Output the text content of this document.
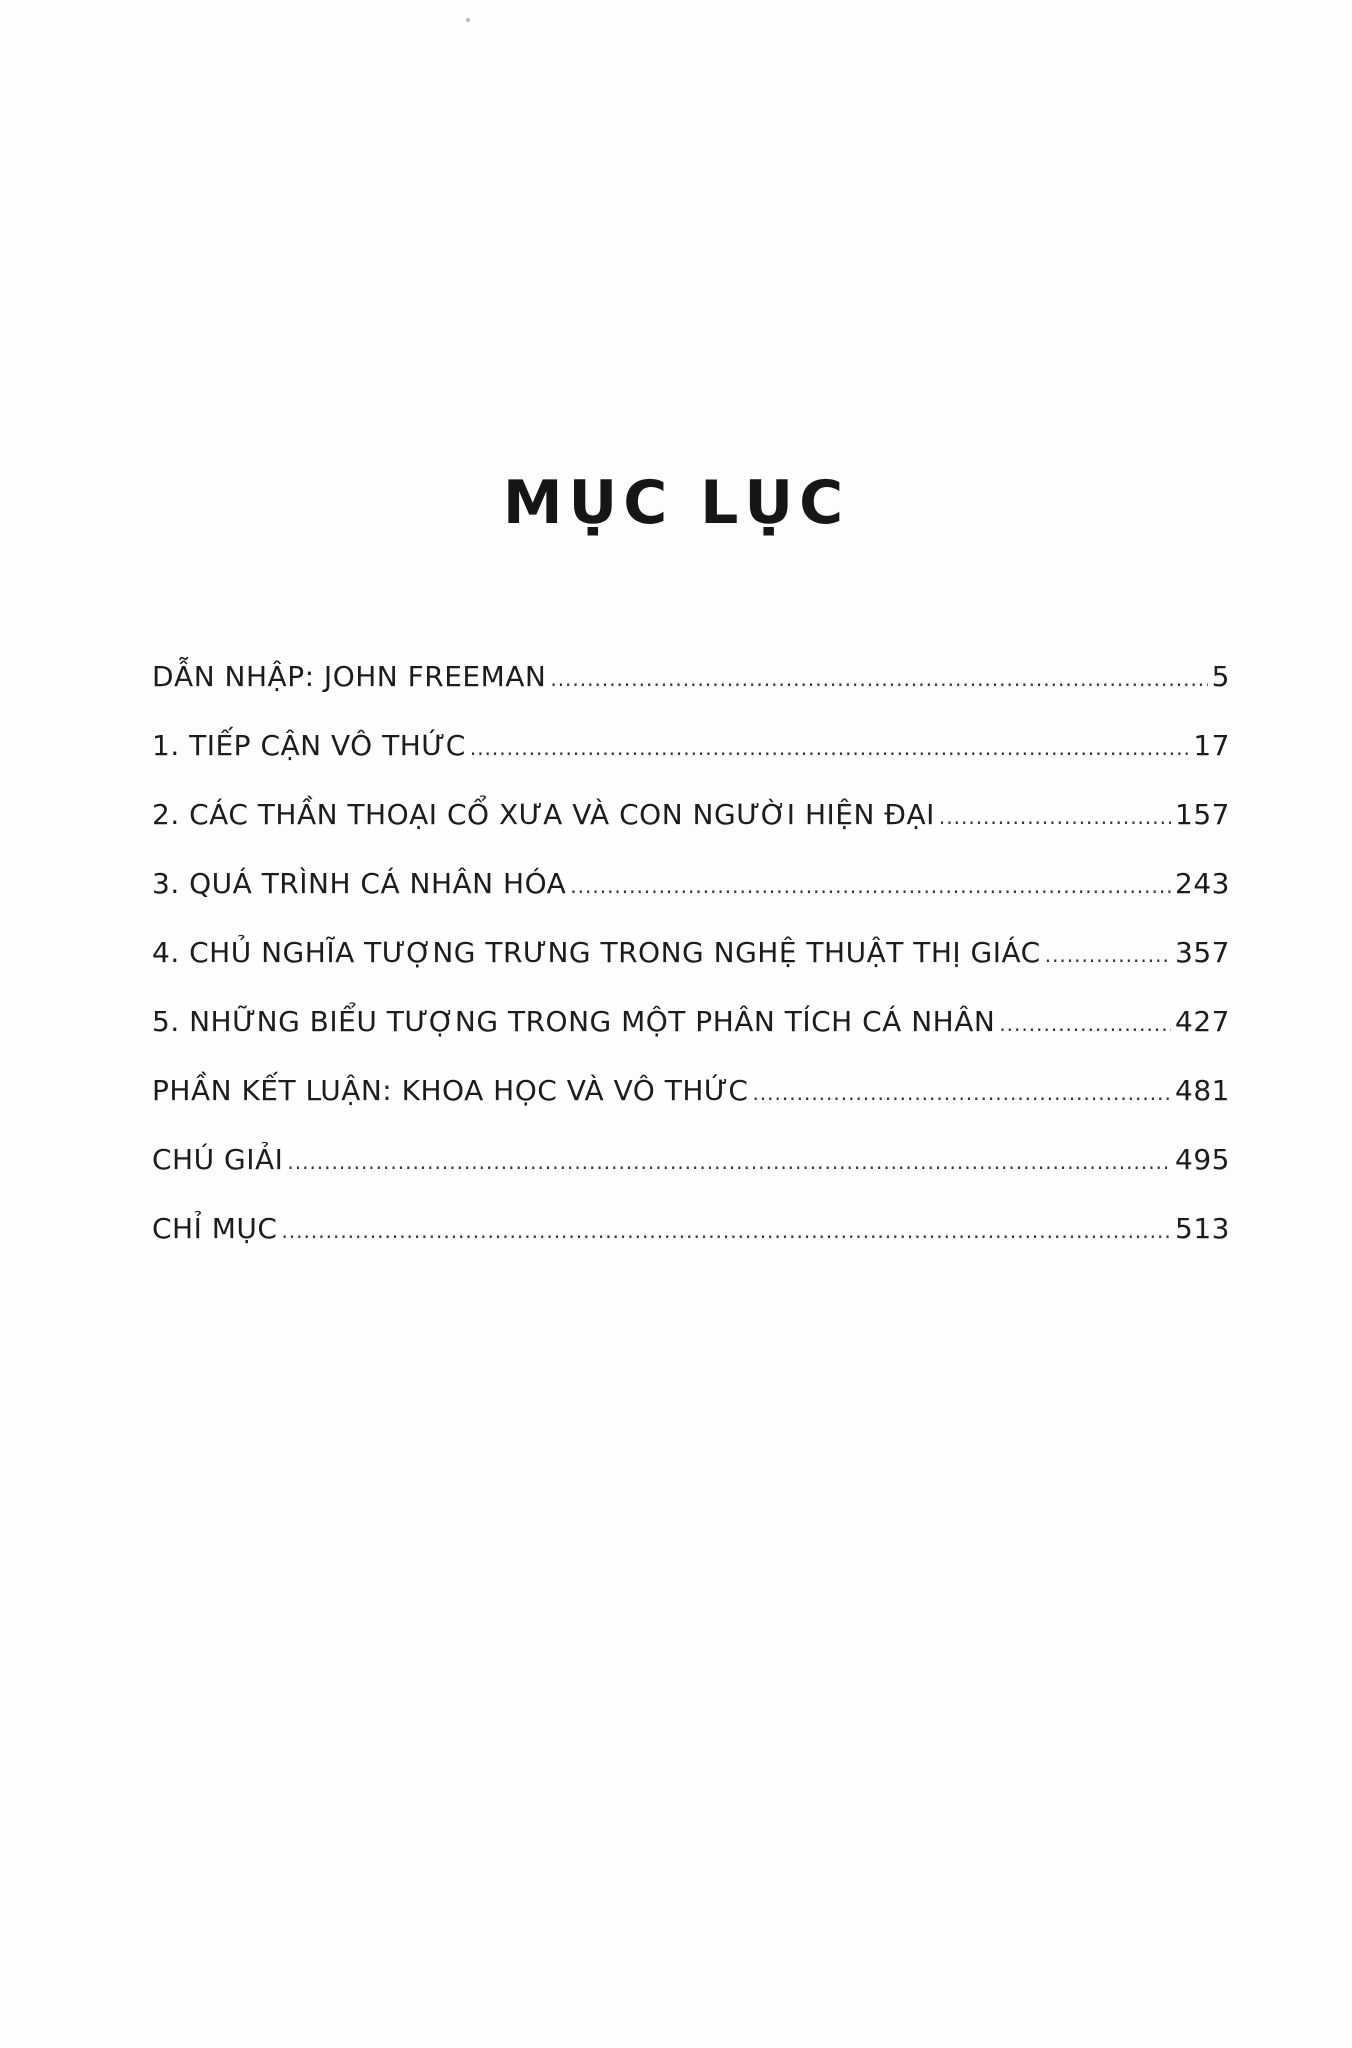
MỤC LỤC
DẪN NHẬP: JOHN FREEMAN .....	5
1. TIẾP CẬN VÔ THỨC .....	17
2. CÁC THẦN THOẠI CỔ XƯA VÀ CON NGƯỜI HIỆN ĐẠI .....	157
3. QUÁ TRÌNH CÁ NHÂN HÓA .....	243
4. CHỦ NGHĨA TƯỢNG TRƯNG TRONG NGHỆ THUẬT THỊ GIÁC .....	357
5. NHỮNG BIỂU TƯỢNG TRONG MỘT PHÂN TÍCH CÁ NHÂN .....	427
PHẦN KẾT LUẬN: KHOA HỌC VÀ VÔ THỨC .....	481
CHÚ GIẢI .....	495
CHỈ MỤC .....	513
